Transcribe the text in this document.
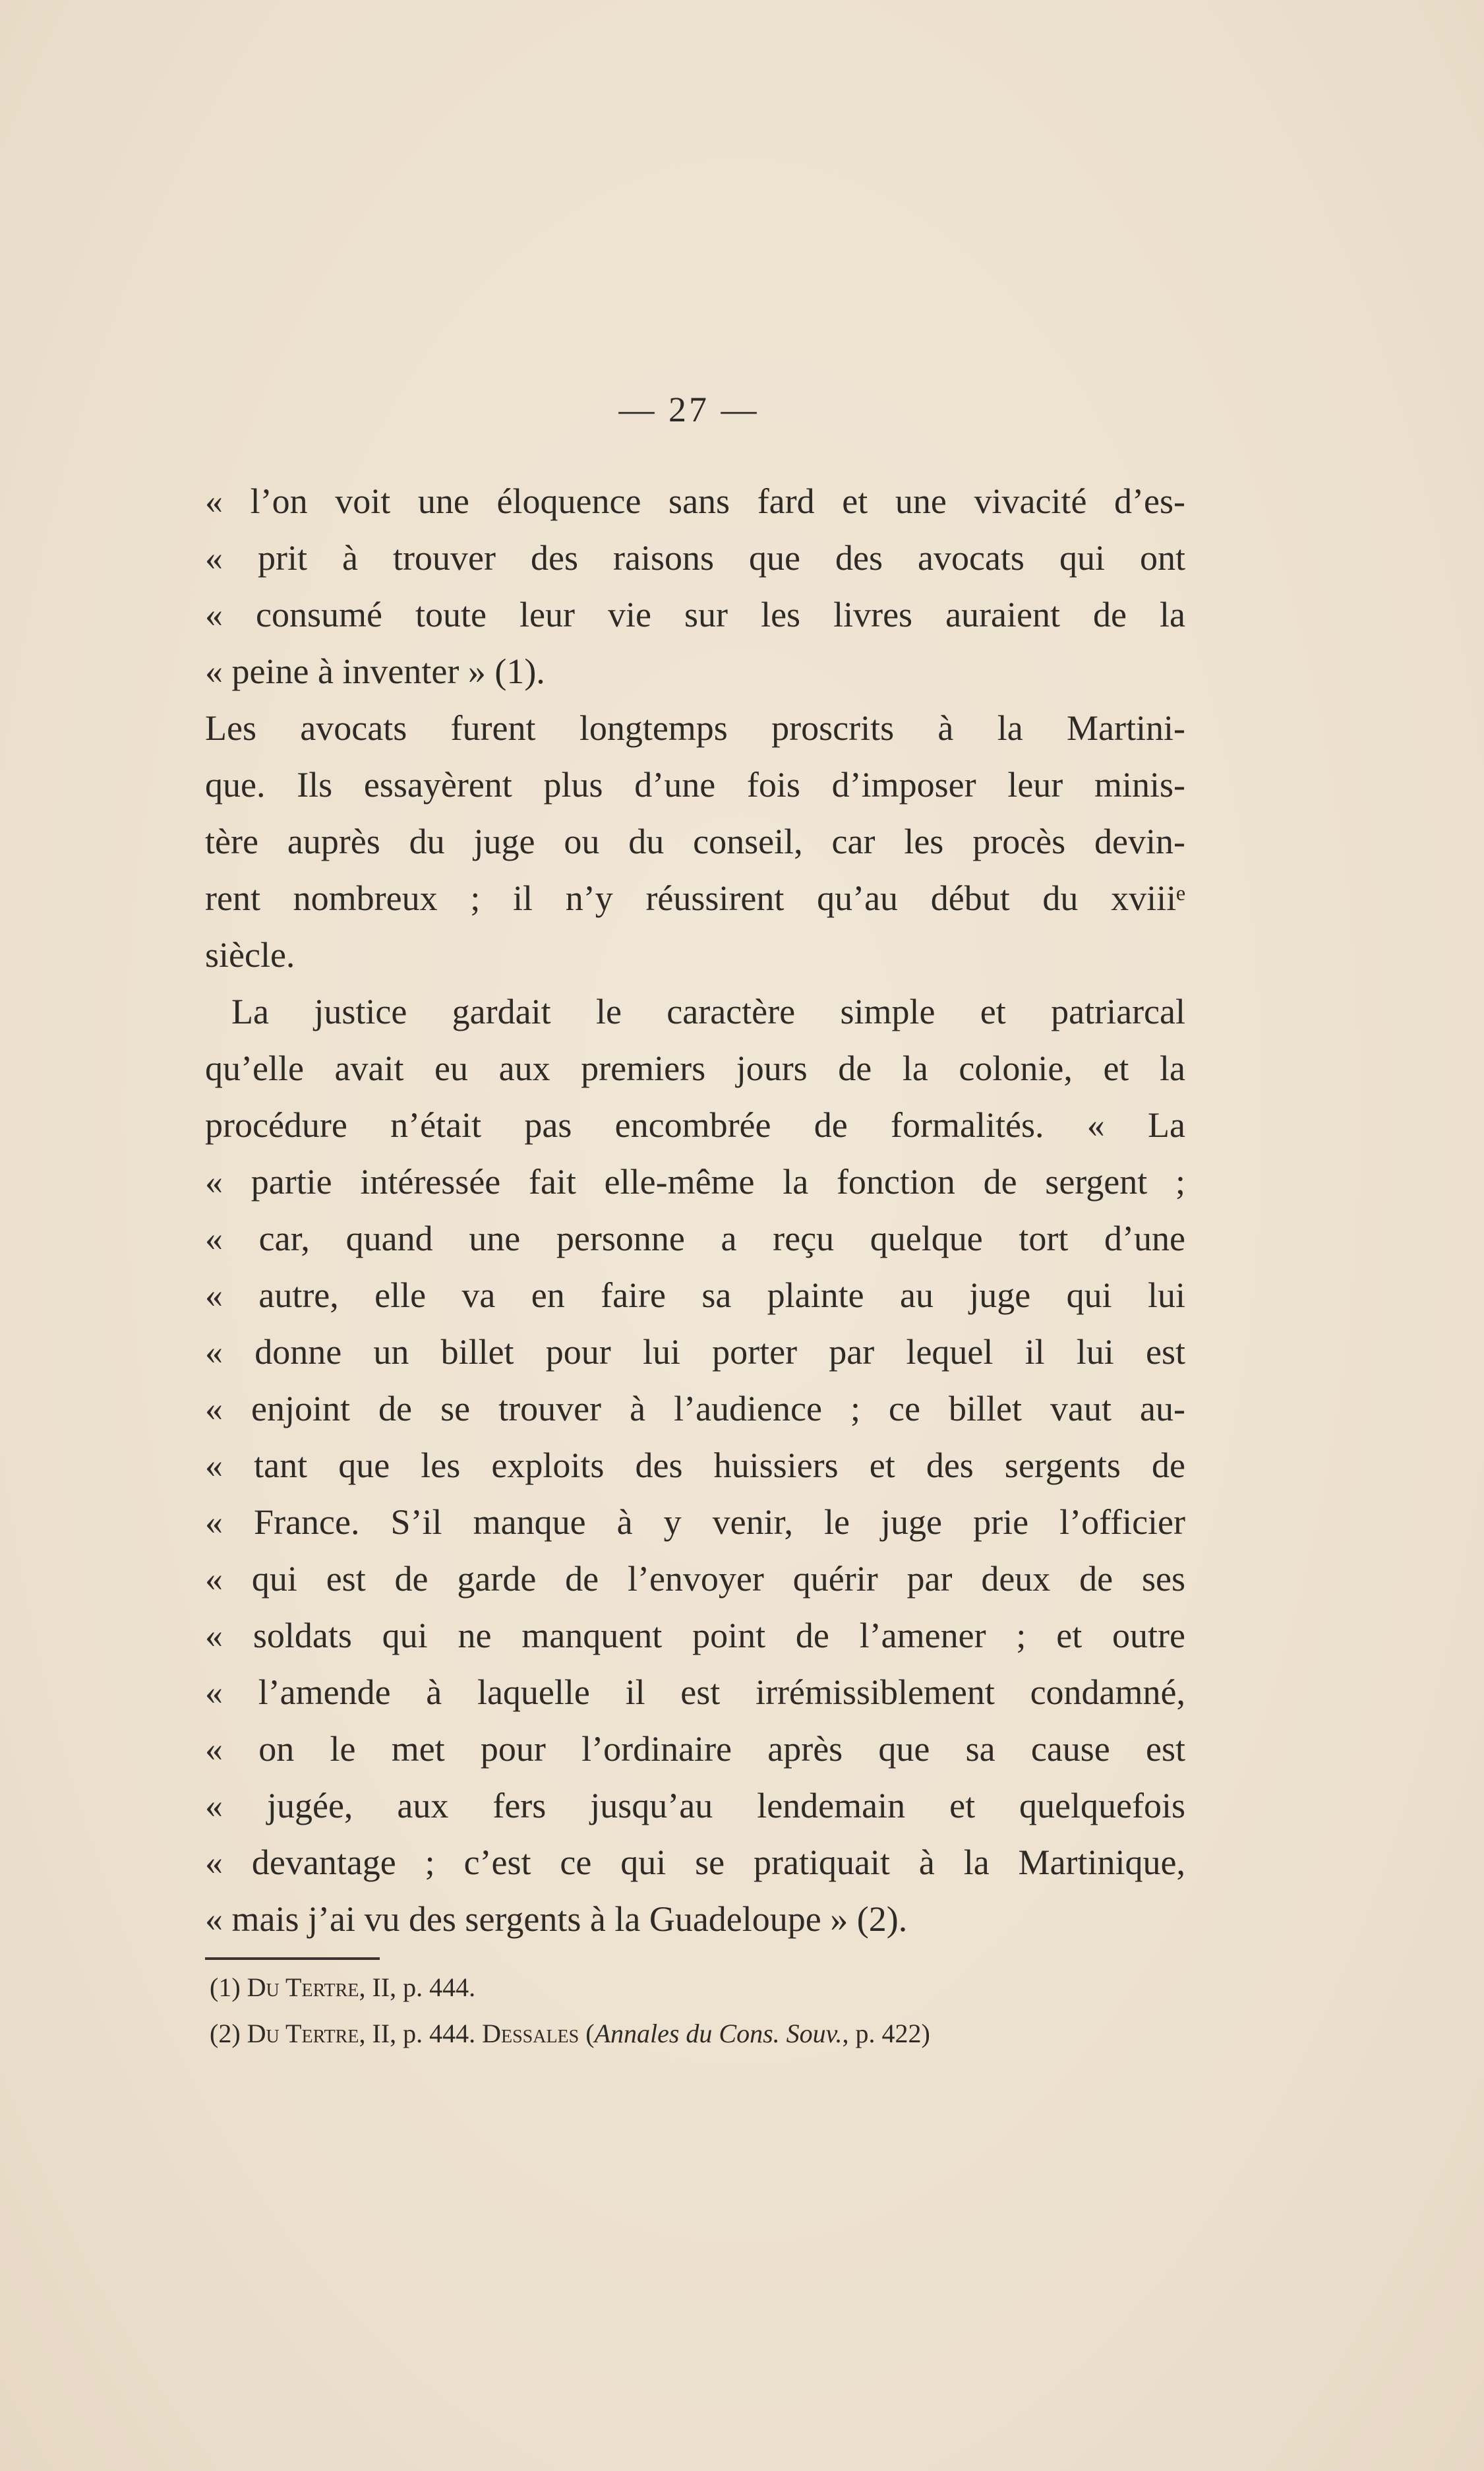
— 27 —
« l’on voit une éloquence sans fard et une vivacité d’es-
« prit à trouver des raisons que des avocats qui ont
« consumé toute leur vie sur les livres auraient de la
« peine à inventer » (1).
Les avocats furent longtemps proscrits à la Martini-
que. Ils essayèrent plus d’une fois d’imposer leur minis-
tère auprès du juge ou du conseil, car les procès devin-
rent nombreux ; il n’y réussirent qu’au début du xviiiᵉ
siècle.
La justice gardait le caractère simple et patriarcal
qu’elle avait eu aux premiers jours de la colonie, et la
procédure n’était pas encombrée de formalités. « La
« partie intéressée fait elle-même la fonction de sergent ;
« car, quand une personne a reçu quelque tort d’une
« autre, elle va en faire sa plainte au juge qui lui
« donne un billet pour lui porter par lequel il lui est
« enjoint de se trouver à l’audience ; ce billet vaut au-
« tant que les exploits des huissiers et des sergents de
« France. S’il manque à y venir, le juge prie l’officier
« qui est de garde de l’envoyer quérir par deux de ses
« soldats qui ne manquent point de l’amener ; et outre
« l’amende à laquelle il est irrémissiblement condamné,
« on le met pour l’ordinaire après que sa cause est
« jugée, aux fers jusqu’au lendemain et quelquefois
« devantage ; c’est ce qui se pratiquait à la Martinique,
« mais j’ai vu des sergents à la Guadeloupe » (2).
(1) Du Tertre, II, p. 444.
(2) Du Tertre, II, p. 444. Dessales (Annales du Cons. Souv., p. 422)
